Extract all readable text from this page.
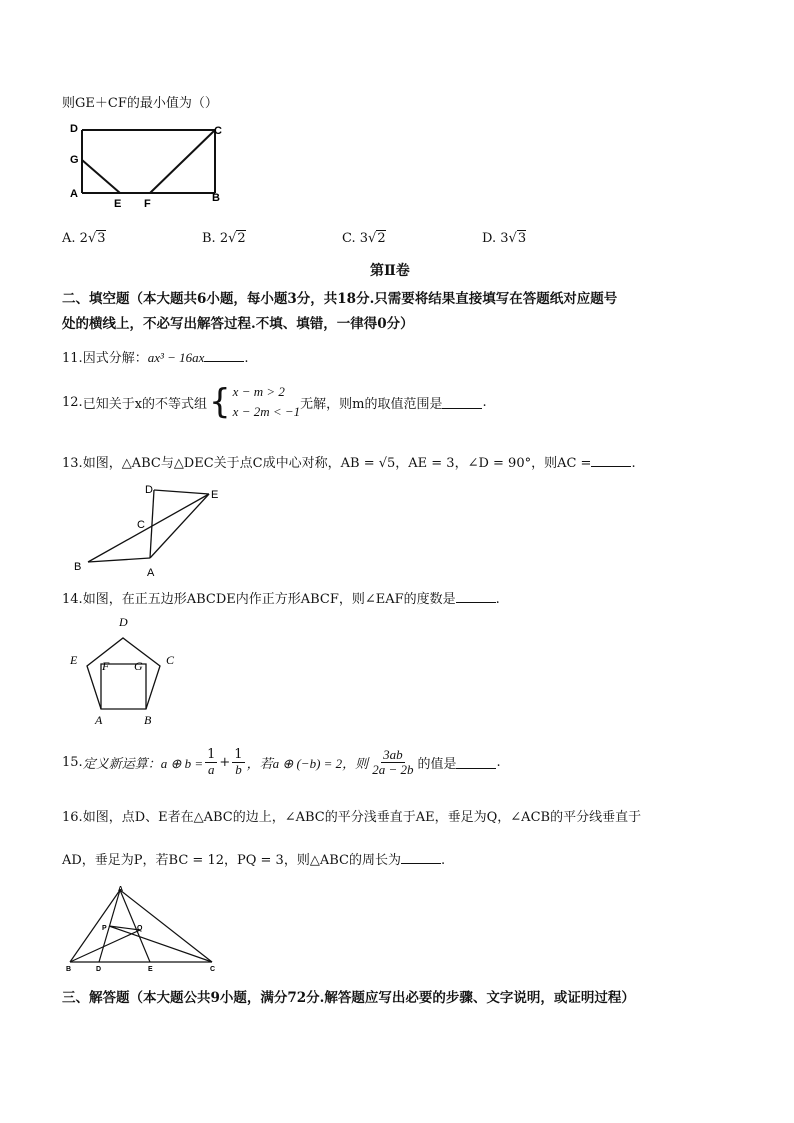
则GE＋CF的最小值为（）
D	C
G
A
E F	B
A. 2√3	B. 2√2	C. 3√2	D. 3√3
第Ⅱ卷
二、填空题（本大题共6小题，每小题3分，共18分.只需要将结果直接填写在答题纸对应题号
处的横线上，不必写出解答过程.不填、填错，一律得0分）
11.因式分解：ax³ − 16ax	.
12. 已知关于x的不等式组 { x − m > 2
x − 2m < −1 无解，则m的取值范围是	.
13.如图，△ABC与△DEC关于点C成中心对称，AB = √5，AE = 3，∠D = 90°，则AC =	.
D	E
C
B	A
14.如图，在正五边形ABCDE内作正方形ABCF，则∠EAF的度数是	.
D
E	C
F G
A	B
15. 定义新运算：a ⊕ $b = \frac{1}{a} + \frac{1}{b}$ ，若a ⊕ (−b) = 2，则 $\frac{3ab}{2a - 2b}$ 的值是	.
16.如图，点D、E者在△ABC的边上，∠ABC的平分浅垂直于AE，垂足为Q，∠ACB的平分线垂直于
AD，垂足为P，若BC = 12，PQ = 3，则△ABC的周长为	.
A
P	Q
B	D	E	C
三、解答题（本大题公共9小题，满分72分.解答题应写出必要的步骤、文字说明，或证明过程）
